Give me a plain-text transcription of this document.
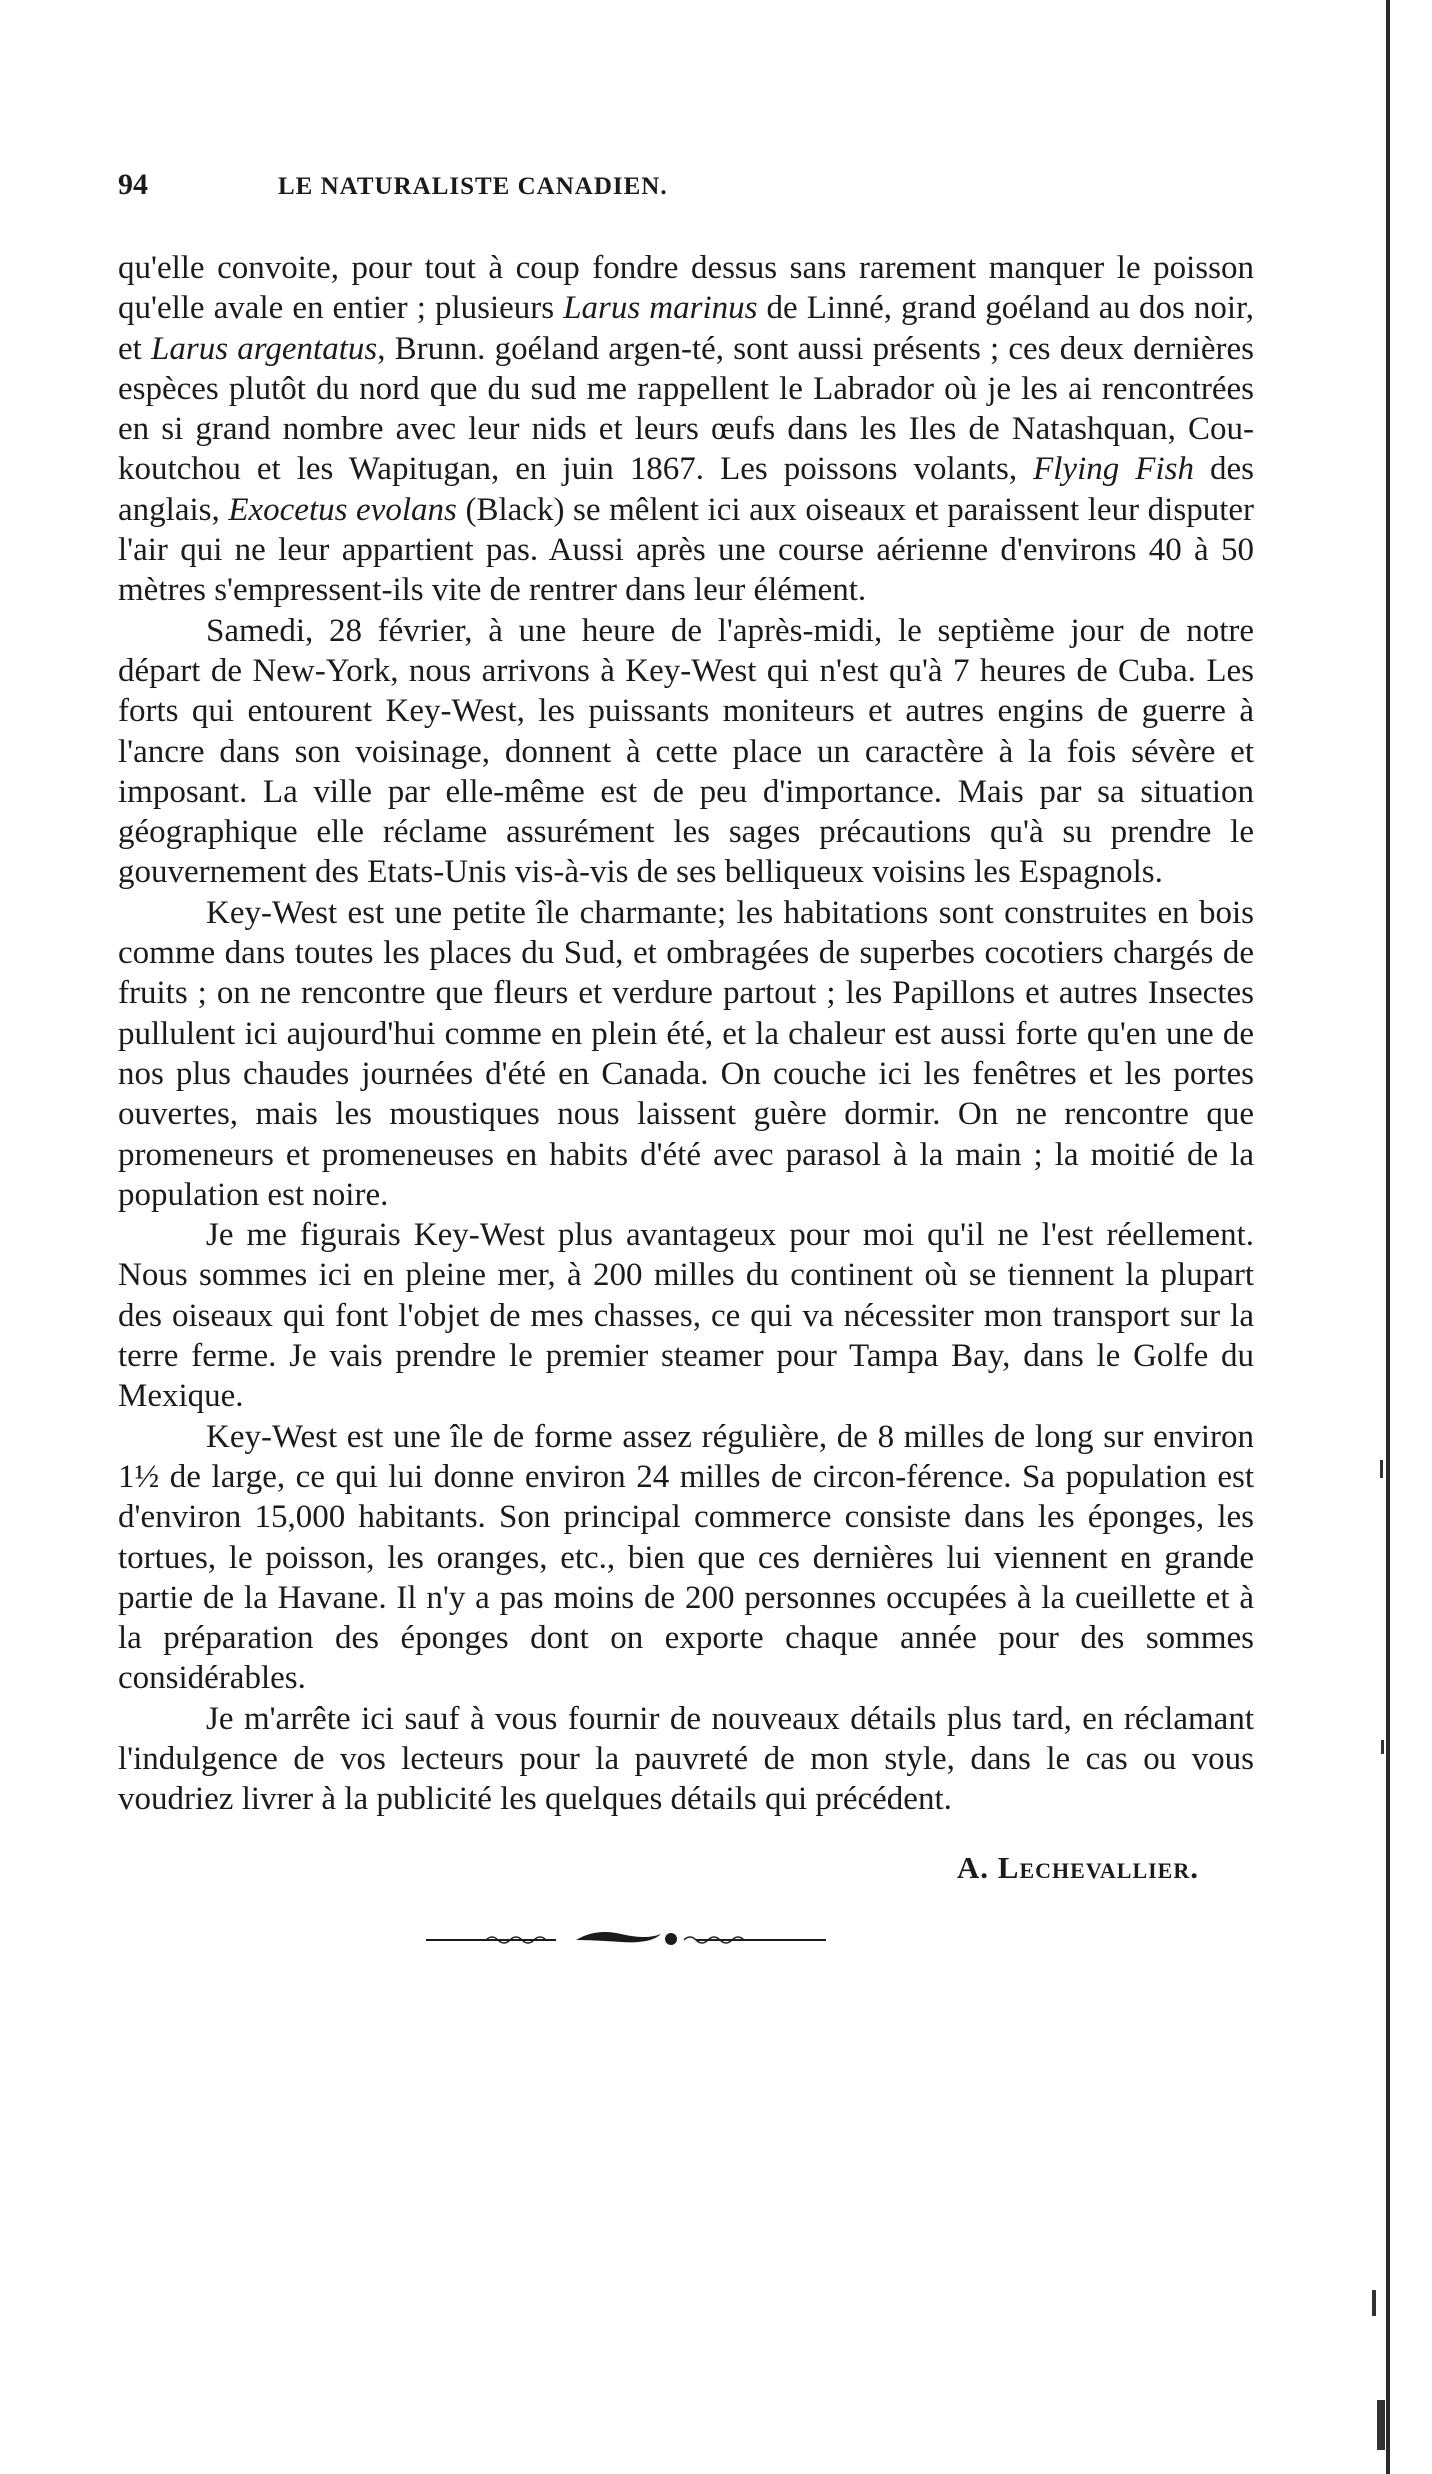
94	LE NATURALISTE CANADIEN.

qu'elle convoite, pour tout à coup fondre dessus sans rarement manquer le poisson qu'elle avale en entier ; plusieurs Larus marinus de Linné, grand goéland au dos noir, et Larus argentatus, Brunn. goéland argen-té, sont aussi présents ; ces deux dernières espèces plutôt du nord que du sud me rappellent le Labrador où je les ai rencontrées en si grand nombre avec leur nids et leurs œufs dans les Iles de Natashquan, Cou-koutchou et les Wapitugan, en juin 1867. Les poissons volants, Flying Fish des anglais, Exocetus evolans (Black) se mêlent ici aux oiseaux et paraissent leur disputer l'air qui ne leur appartient pas. Aussi après une course aérienne d'environs 40 à 50 mètres s'empressent-ils vite de rentrer dans leur élément.

Samedi, 28 février, à une heure de l'après-midi, le septième jour de notre départ de New-York, nous arrivons à Key-West qui n'est qu'à 7 heures de Cuba. Les forts qui entourent Key-West, les puissants moniteurs et autres engins de guerre à l'ancre dans son voisinage, donnent à cette place un caractère à la fois sévère et imposant. La ville par elle-même est de peu d'importance. Mais par sa situation géographique elle réclame assurément les sages précautions qu'à su prendre le gouvernement des Etats-Unis vis-à-vis de ses belliqueux voisins les Espagnols.

Key-West est une petite île charmante; les habitations sont construites en bois comme dans toutes les places du Sud, et ombragées de superbes cocotiers chargés de fruits ; on ne rencontre que fleurs et verdure partout ; les Papillons et autres Insectes pullulent ici aujourd'hui comme en plein été, et la chaleur est aussi forte qu'en une de nos plus chaudes journées d'été en Canada. On couche ici les fenêtres et les portes ouvertes, mais les moustiques nous laissent guère dormir. On ne rencontre que promeneurs et promeneuses en habits d'été avec parasol à la main ; la moitié de la population est noire.

Je me figurais Key-West plus avantageux pour moi qu'il ne l'est réellement. Nous sommes ici en pleine mer, à 200 milles du continent où se tiennent la plupart des oiseaux qui font l'objet de mes chasses, ce qui va nécessiter mon transport sur la terre ferme. Je vais prendre le premier steamer pour Tampa Bay, dans le Golfe du Mexique.

Key-West est une île de forme assez régulière, de 8 milles de long sur environ 1½ de large, ce qui lui donne environ 24 milles de circon-férence. Sa population est d'environ 15,000 habitants. Son principal commerce consiste dans les éponges, les tortues, le poisson, les oranges, etc., bien que ces dernières lui viennent en grande partie de la Havane. Il n'y a pas moins de 200 personnes occupées à la cueillette et à la préparation des éponges dont on exporte chaque année pour des sommes considérables.

Je m'arrête ici sauf à vous fournir de nouveaux détails plus tard, en réclamant l'indulgence de vos lecteurs pour la pauvreté de mon style, dans le cas ou vous voudriez livrer à la publicité les quelques détails qui précédent.

A. Lechevallier.
